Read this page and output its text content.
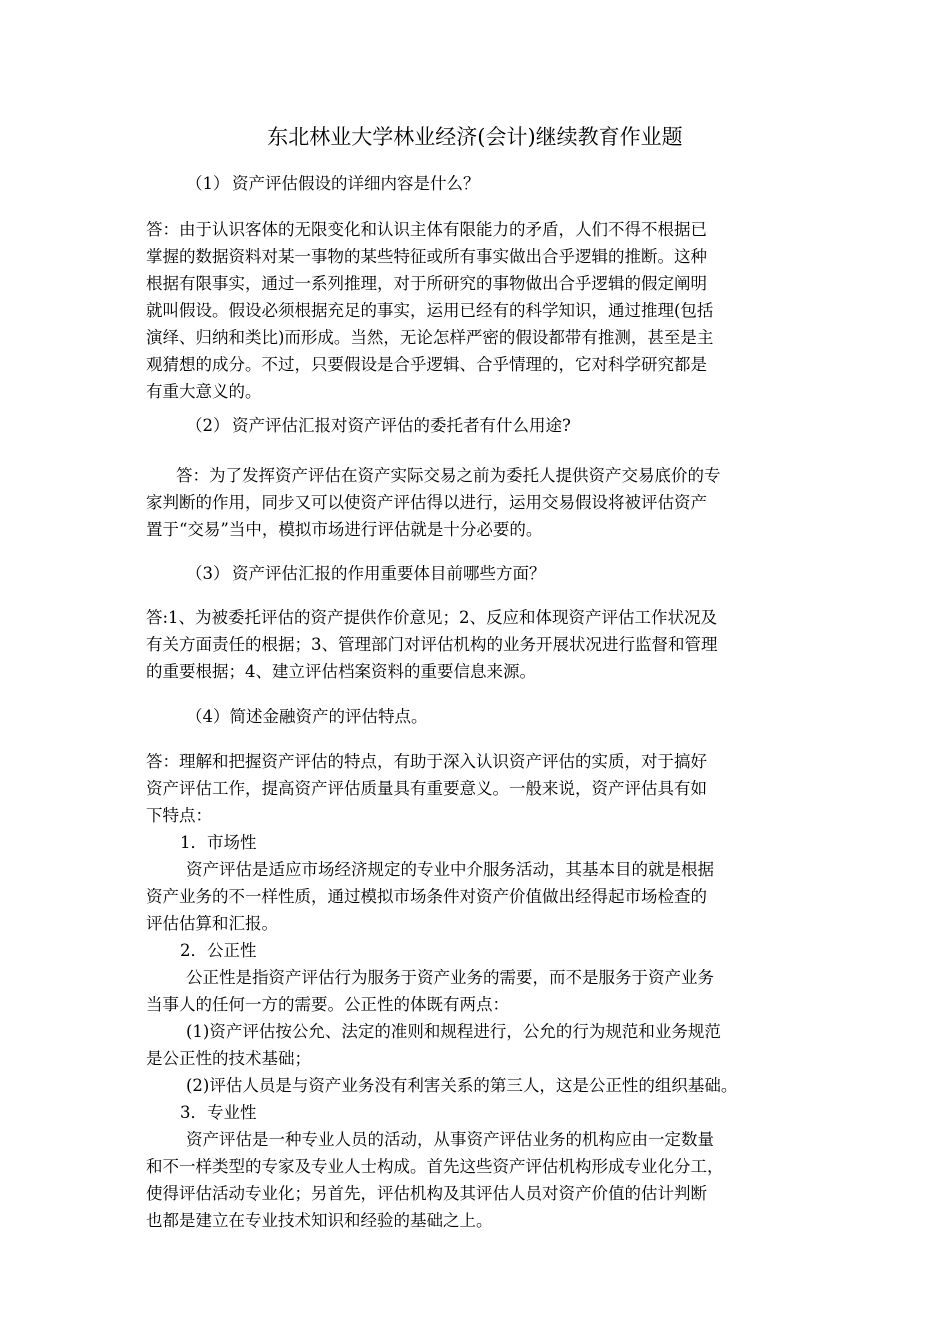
东北林业大学林业经济(会计)继续教育作业题
（1） 资产评估假设的详细内容是什么？
答：由于认识客体的无限变化和认识主体有限能力的矛盾，人们不得不根据已
掌握的数据资料对某一事物的某些特征或所有事实做出合乎逻辑的推断。这种
根据有限事实，通过一系列推理，对于所研究的事物做出合乎逻辑的假定阐明
就叫假设。假设必须根据充足的事实，运用已经有的科学知识，通过推理(包括
演绎、归纳和类比)而形成。当然，无论怎样严密的假设都带有推测，甚至是主
观猜想的成分。不过，只要假设是合乎逻辑、合乎情理的，它对科学研究都是
有重大意义的。
（2） 资产评估汇报对资产评估的委托者有什么用途?
答：为了发挥资产评估在资产实际交易之前为委托人提供资产交易底价的专
家判断的作用，同步又可以使资产评估得以进行，运用交易假设将被评估资产
置于“交易”当中，模拟市场进行评估就是十分必要的。
（3） 资产评估汇报的作用重要体目前哪些方面？
答:1、为被委托评估的资产提供作价意见；2、反应和体现资产评估工作状况及
有关方面责任的根据；3、管理部门对评估机构的业务开展状况进行监督和管理
的重要根据；4、建立评估档案资料的重要信息来源。
（4）简述金融资产的评估特点。
答：理解和把握资产评估的特点，有助于深入认识资产评估的实质，对于搞好
资产评估工作，提高资产评估质量具有重要意义。一般来说，资产评估具有如
下特点：
1．市场性
资产评估是适应市场经济规定的专业中介服务活动，其基本目的就是根据
资产业务的不一样性质，通过模拟市场条件对资产价值做出经得起市场检查的
评估估算和汇报。
2．公正性
公正性是指资产评估行为服务于资产业务的需要，而不是服务于资产业务
当事人的任何一方的需要。公正性的体既有两点：
(1)资产评估按公允、法定的准则和规程进行，公允的行为规范和业务规范
是公正性的技术基础；
(2)评估人员是与资产业务没有利害关系的第三人，这是公正性的组织基础。
3．专业性
资产评估是一种专业人员的活动，从事资产评估业务的机构应由一定数量
和不一样类型的专家及专业人士构成。首先这些资产评估机构形成专业化分工，
使得评估活动专业化；另首先，评估机构及其评估人员对资产价值的估计判断
也都是建立在专业技术知识和经验的基础之上。
